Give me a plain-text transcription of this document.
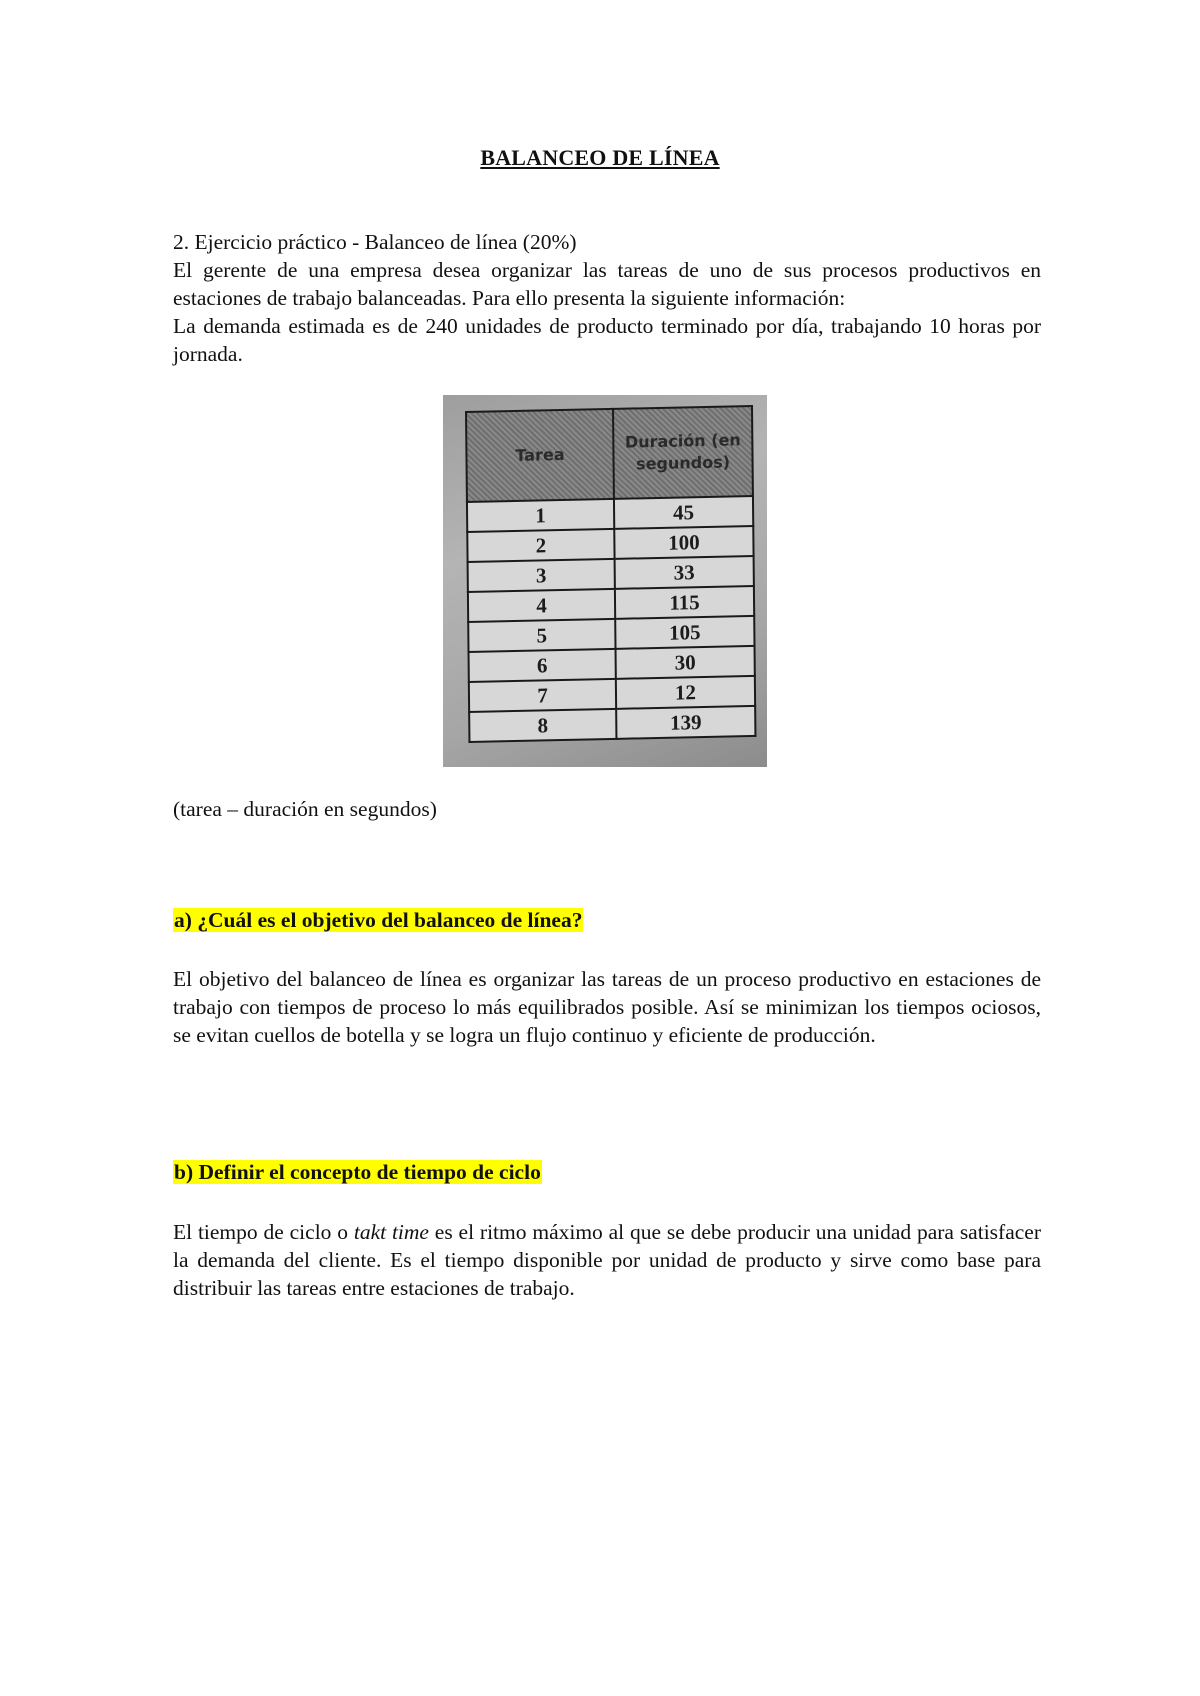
BALANCEO DE LÍNEA

2. Ejercicio práctico - Balanceo de línea (20%)

El gerente de una empresa desea organizar las tareas de uno de sus procesos productivos en estaciones de trabajo balanceadas. Para ello presenta la siguiente información:

La demanda estimada es de 240 unidades de producto terminado por día, trabajando 10 horas por jornada.

Tarea	Duración (en segundos)
1	45
2	100
3	33
4	115
5	105
6	30
7	12
8	139
(tarea – duración en segundos)
a) ¿Cuál es el objetivo del balanceo de línea?

El objetivo del balanceo de línea es organizar las tareas de un proceso productivo en estaciones de trabajo con tiempos de proceso lo más equilibrados posible. Así se minimizan los tiempos ociosos, se evitan cuellos de botella y se logra un flujo continuo y eficiente de producción.

b) Definir el concepto de tiempo de ciclo

El tiempo de ciclo o takt time es el ritmo máximo al que se debe producir una unidad para satisfacer la demanda del cliente. Es el tiempo disponible por unidad de producto y sirve como base para distribuir las tareas entre estaciones de trabajo.
